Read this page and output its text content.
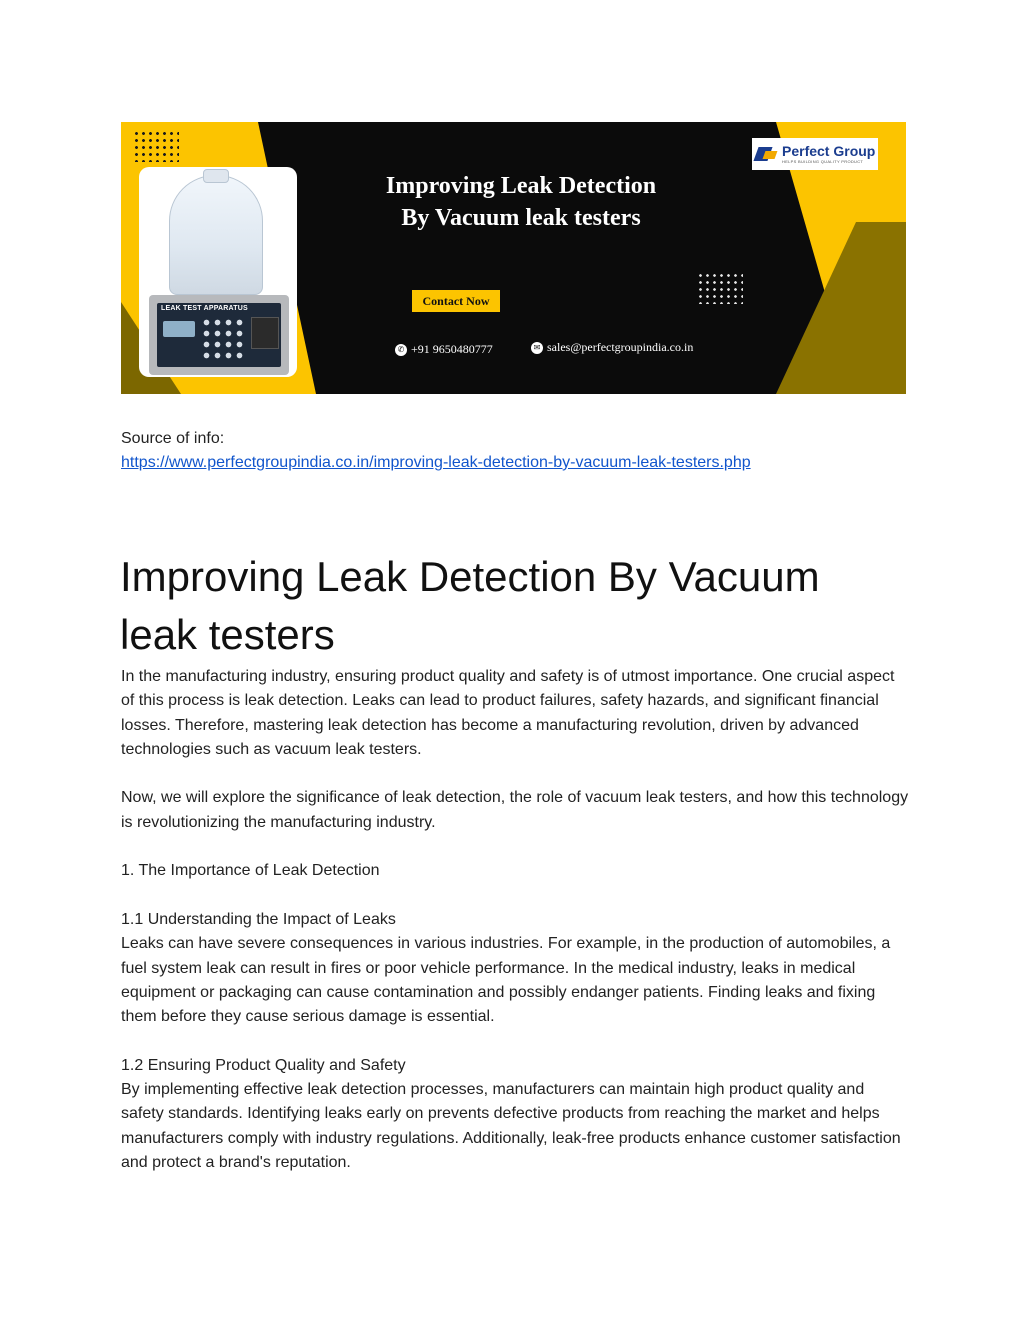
LEAK TEST APPARATUS
Improving Leak Detection
By Vacuum leak testers
Contact Now
✆ +91 9650480777	✉ sales@perfectgroupindia.co.in
Perfect Group
HELPS BUILDING QUALITY PRODUCT
Source of info:
https://www.perfectgroupindia.co.in/improving-leak-detection-by-vacuum-leak-testers.php
Improving Leak Detection By Vacuum leak testers

In the manufacturing industry, ensuring product quality and safety is of utmost importance. One crucial aspect of this process is leak detection. Leaks can lead to product failures, safety hazards, and significant financial losses. Therefore, mastering leak detection has become a manufacturing revolution, driven by advanced technologies such as vacuum leak testers.

Now, we will explore the significance of leak detection, the role of vacuum leak testers, and how this technology is revolutionizing the manufacturing industry.

1. The Importance of Leak Detection

1.1 Understanding the Impact of Leaks
Leaks can have severe consequences in various industries. For example, in the production of automobiles, a fuel system leak can result in fires or poor vehicle performance. In the medical industry, leaks in medical equipment or packaging can cause contamination and possibly endanger patients. Finding leaks and fixing them before they cause serious damage is essential.

1.2 Ensuring Product Quality and Safety
By implementing effective leak detection processes, manufacturers can maintain high product quality and safety standards. Identifying leaks early on prevents defective products from reaching the market and helps manufacturers comply with industry regulations. Additionally, leak-free products enhance customer satisfaction and protect a brand's reputation.
